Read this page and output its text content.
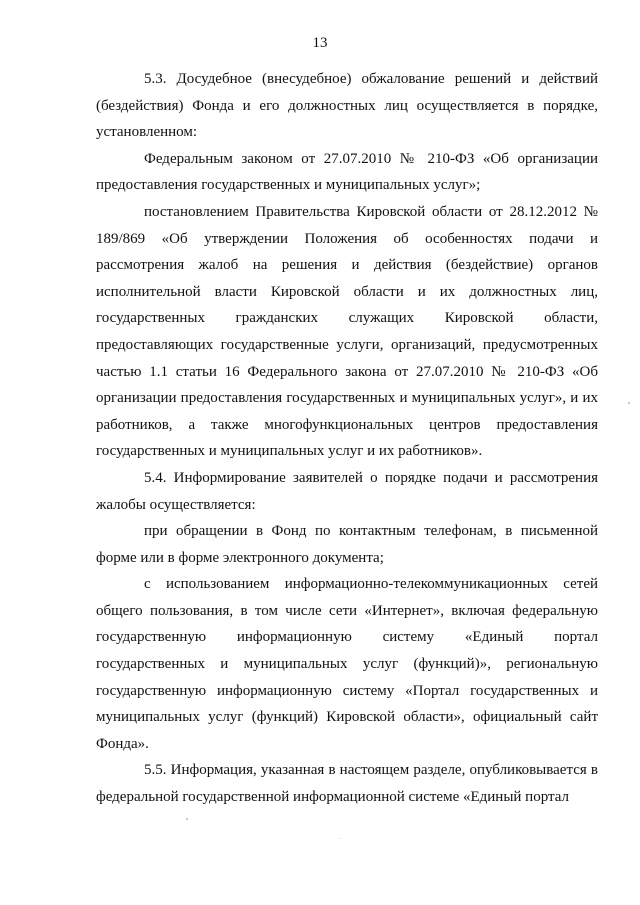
13

5.3. Досудебное (внесудебное) обжалование решений и действий (бездействия) Фонда и его должностных лиц осуществляется в порядке, установленном:

Федеральным законом от 27.07.2010 № 210-ФЗ «Об организации предоставления государственных и муниципальных услуг»;

постановлением Правительства Кировской области от 28.12.2012 № 189/869 «Об утверждении Положения об особенностях подачи и рассмотрения жалоб на решения и действия (бездействие) органов исполнительной власти Кировской области и их должностных лиц, государственных гражданских служащих Кировской области, предоставляющих государственные услуги, организаций, предусмотренных частью 1.1 статьи 16 Федерального закона от 27.07.2010 № 210-ФЗ «Об организации предоставления государственных и муниципальных услуг», и их работников, а также многофункциональных центров предоставления государственных и муниципальных услуг и их работников».

5.4. Информирование заявителей о порядке подачи и рассмотрения жалобы осуществляется:

при обращении в Фонд по контактным телефонам, в письменной форме или в форме электронного документа;

с использованием информационно-телекоммуникационных сетей общего пользования, в том числе сети «Интернет», включая федеральную государственную информационную систему «Единый портал государственных и муниципальных услуг (функций)», региональную государственную информационную систему «Портал государственных и муниципальных услуг (функций) Кировской области», официальный сайт Фонда».

5.5. Информация, указанная в настоящем разделе, опубликовывается в федеральной государственной информационной системе «Единый портал
